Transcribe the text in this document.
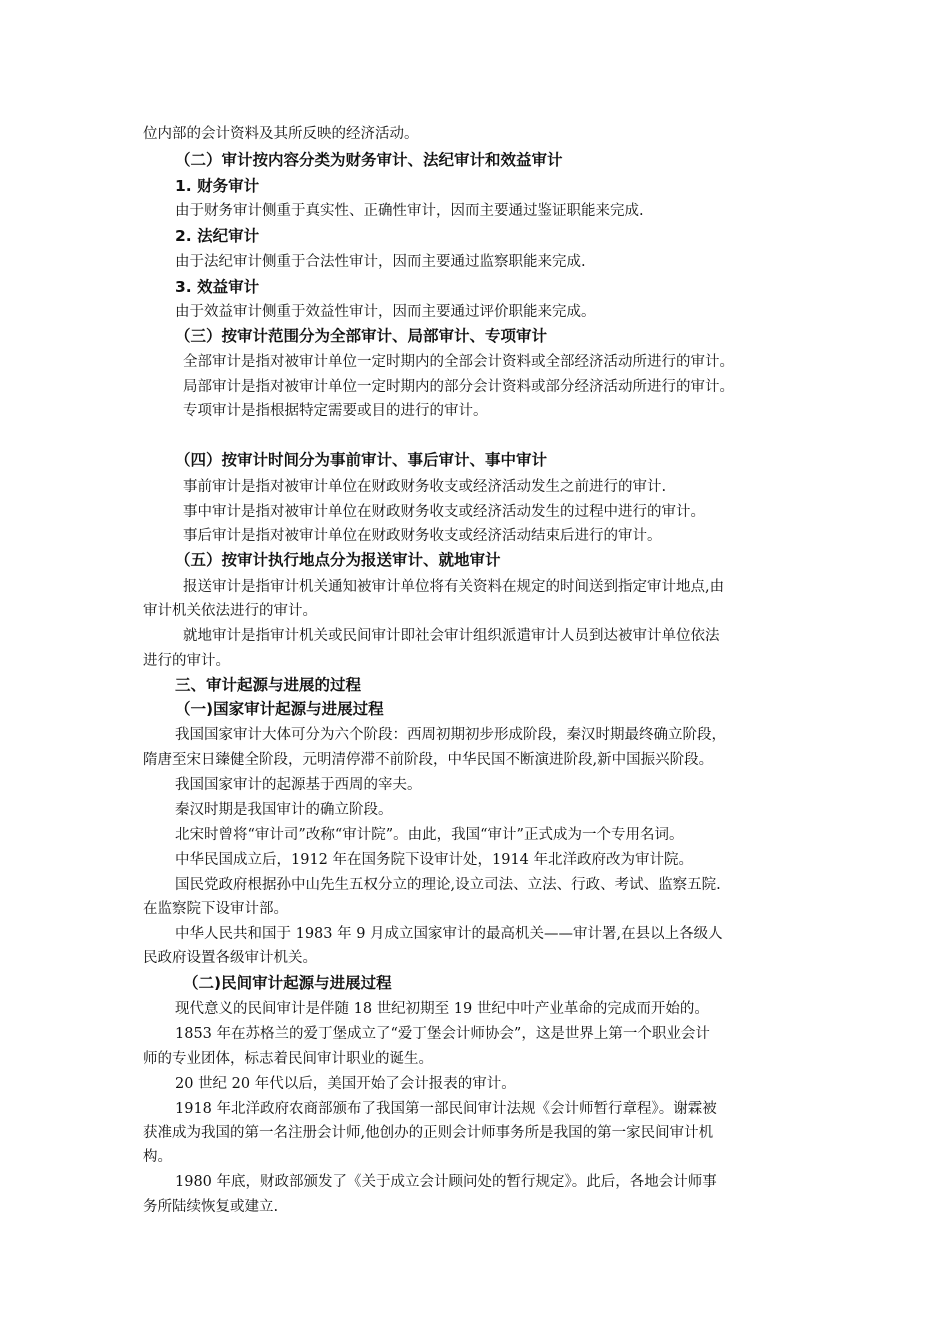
位内部的会计资料及其所反映的经济活动。
（二）审计按内容分类为财务审计、法纪审计和效益审计
1. 财务审计
由于财务审计侧重于真实性、正确性审计，因而主要通过鉴证职能来完成.
2. 法纪审计
由于法纪审计侧重于合法性审计，因而主要通过监察职能来完成.
3. 效益审计
由于效益审计侧重于效益性审计，因而主要通过评价职能来完成。
（三）按审计范围分为全部审计、局部审计、专项审计
全部审计是指对被审计单位一定时期内的全部会计资料或全部经济活动所进行的审计。
局部审计是指对被审计单位一定时期内的部分会计资料或部分经济活动所进行的审计。
专项审计是指根据特定需要或目的进行的审计。
（四）按审计时间分为事前审计、事后审计、事中审计
事前审计是指对被审计单位在财政财务收支或经济活动发生之前进行的审计.
事中审计是指对被审计单位在财政财务收支或经济活动发生的过程中进行的审计。
事后审计是指对被审计单位在财政财务收支或经济活动结束后进行的审计。
（五）按审计执行地点分为报送审计、就地审计
报送审计是指审计机关通知被审计单位将有关资料在规定的时间送到指定审计地点,由
审计机关依法进行的审计。
就地审计是指审计机关或民间审计即社会审计组织派遣审计人员到达被审计单位依法
进行的审计。
三、审计起源与进展的过程
（一)国家审计起源与进展过程
我国国家审计大体可分为六个阶段：西周初期初步形成阶段，秦汉时期最终确立阶段，
隋唐至宋日臻健全阶段，元明清停滞不前阶段，中华民国不断演进阶段,新中国振兴阶段。
我国国家审计的起源基于西周的宰夫。
秦汉时期是我国审计的确立阶段。
北宋时曾将“审计司”改称“审计院”。由此，我国“审计”正式成为一个专用名词。
中华民国成立后，1912 年在国务院下设审计处，1914 年北洋政府改为审计院。
国民党政府根据孙中山先生五权分立的理论,设立司法、立法、行政、考试、监察五院.
在监察院下设审计部。
中华人民共和国于 1983 年 9 月成立国家审计的最高机关——审计署,在县以上各级人
民政府设置各级审计机关。
（二)民间审计起源与进展过程
现代意义的民间审计是伴随 18 世纪初期至 19 世纪中叶产业革命的完成而开始的。
1853 年在苏格兰的爱丁堡成立了“爱丁堡会计师协会”，这是世界上第一个职业会计
师的专业团体，标志着民间审计职业的诞生。
20 世纪 20 年代以后，美国开始了会计报表的审计。
1918 年北洋政府农商部颁布了我国第一部民间审计法规《会计师暂行章程》。谢霖被
获准成为我国的第一名注册会计师,他创办的正则会计师事务所是我国的第一家民间审计机
构。
1980 年底，财政部颁发了《关于成立会计顾问处的暂行规定》。此后，各地会计师事
务所陆续恢复或建立.
